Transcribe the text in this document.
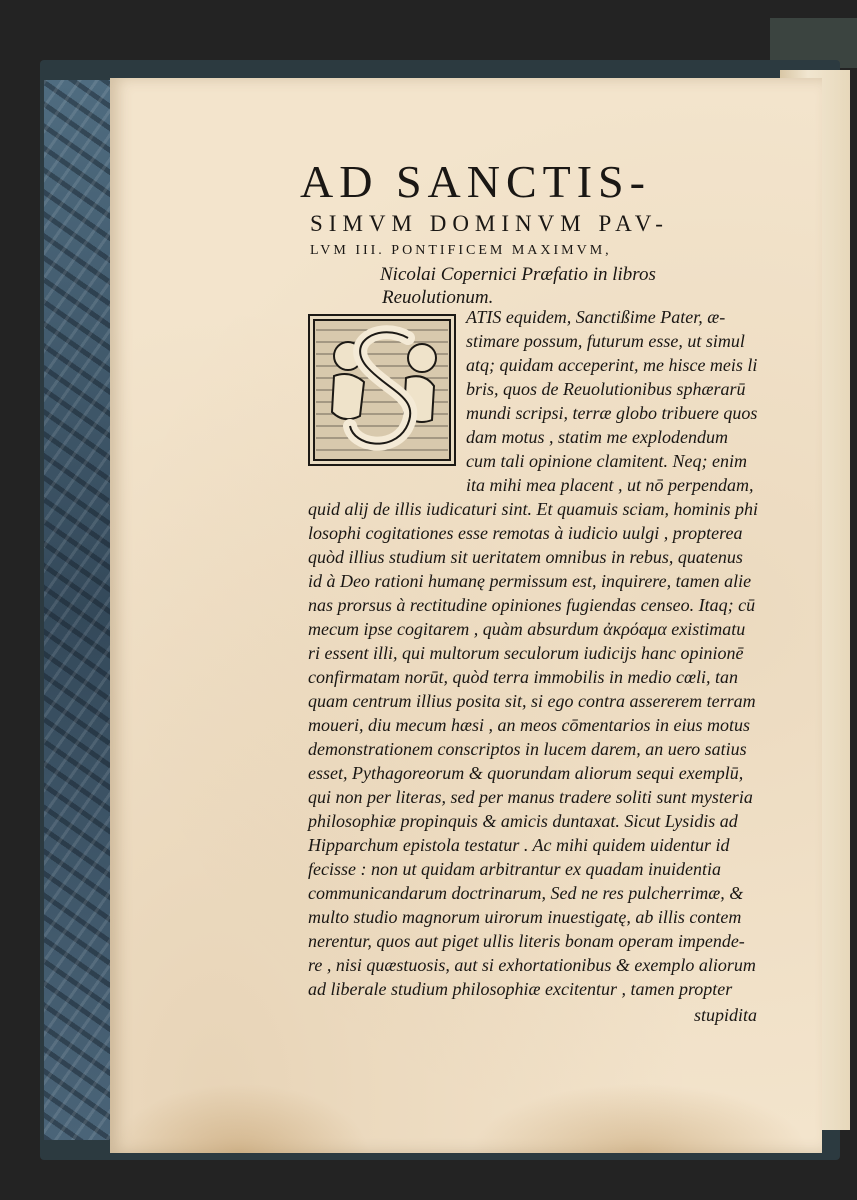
AD SANCTIS-
SIMVM DOMINVM PAV-
LVM III. PONTIFICEM MAXIMVM,
Nicolai Copernici Præfatio in libros
Reuolutionum.
ATIS equidem, Sanctißime Pater, æ-
stimare possum, futurum esse, ut simul
atq; quidam acceperint, me hisce meis li
bris, quos de Reuolutionibus sphærarū
mundi scripsi, terræ globo tribuere quos
dam motus , statim me explodendum
cum tali opinione clamitent. Neq; enim
ita mihi mea placent , ut nō perpendam,
quid alij de illis iudicaturi sint. Et quamuis sciam, hominis phi
losophi cogitationes esse remotas à iudicio uulgi , propterea
quòd illius studium sit ueritatem omnibus in rebus, quatenus
id à Deo rationi humanę permissum est, inquirere, tamen alie
nas prorsus à rectitudine opiniones fugiendas censeo. Itaq; cū
mecum ipse cogitarem , quàm absurdum ἀκρόαμα existimatu
ri essent illi, qui multorum seculorum iudicijs hanc opinionē
confirmatam norūt, quòd terra immobilis in medio cœli, tan
quam centrum illius posita sit, si ego contra assererem terram
moueri, diu mecum hæsi , an meos cōmentarios in eius motus
demonstrationem conscriptos in lucem darem, an uero satius
esset, Pythagoreorum & quorundam aliorum sequi exemplū,
qui non per literas, sed per manus tradere soliti sunt mysteria
philosophiæ propinquis & amicis duntaxat. Sicut Lysidis ad
Hipparchum epistola testatur . Ac mihi quidem uidentur id
fecisse : non ut quidam arbitrantur ex quadam inuidentia
communicandarum doctrinarum, Sed ne res pulcherrimæ, &
multo studio magnorum uirorum inuestigatę, ab illis contem
nerentur, quos aut piget ullis literis bonam operam impende-
re , nisi quæstuosis, aut si exhortationibus & exemplo aliorum
ad liberale studium philosophiæ excitentur , tamen propter
stupidita
